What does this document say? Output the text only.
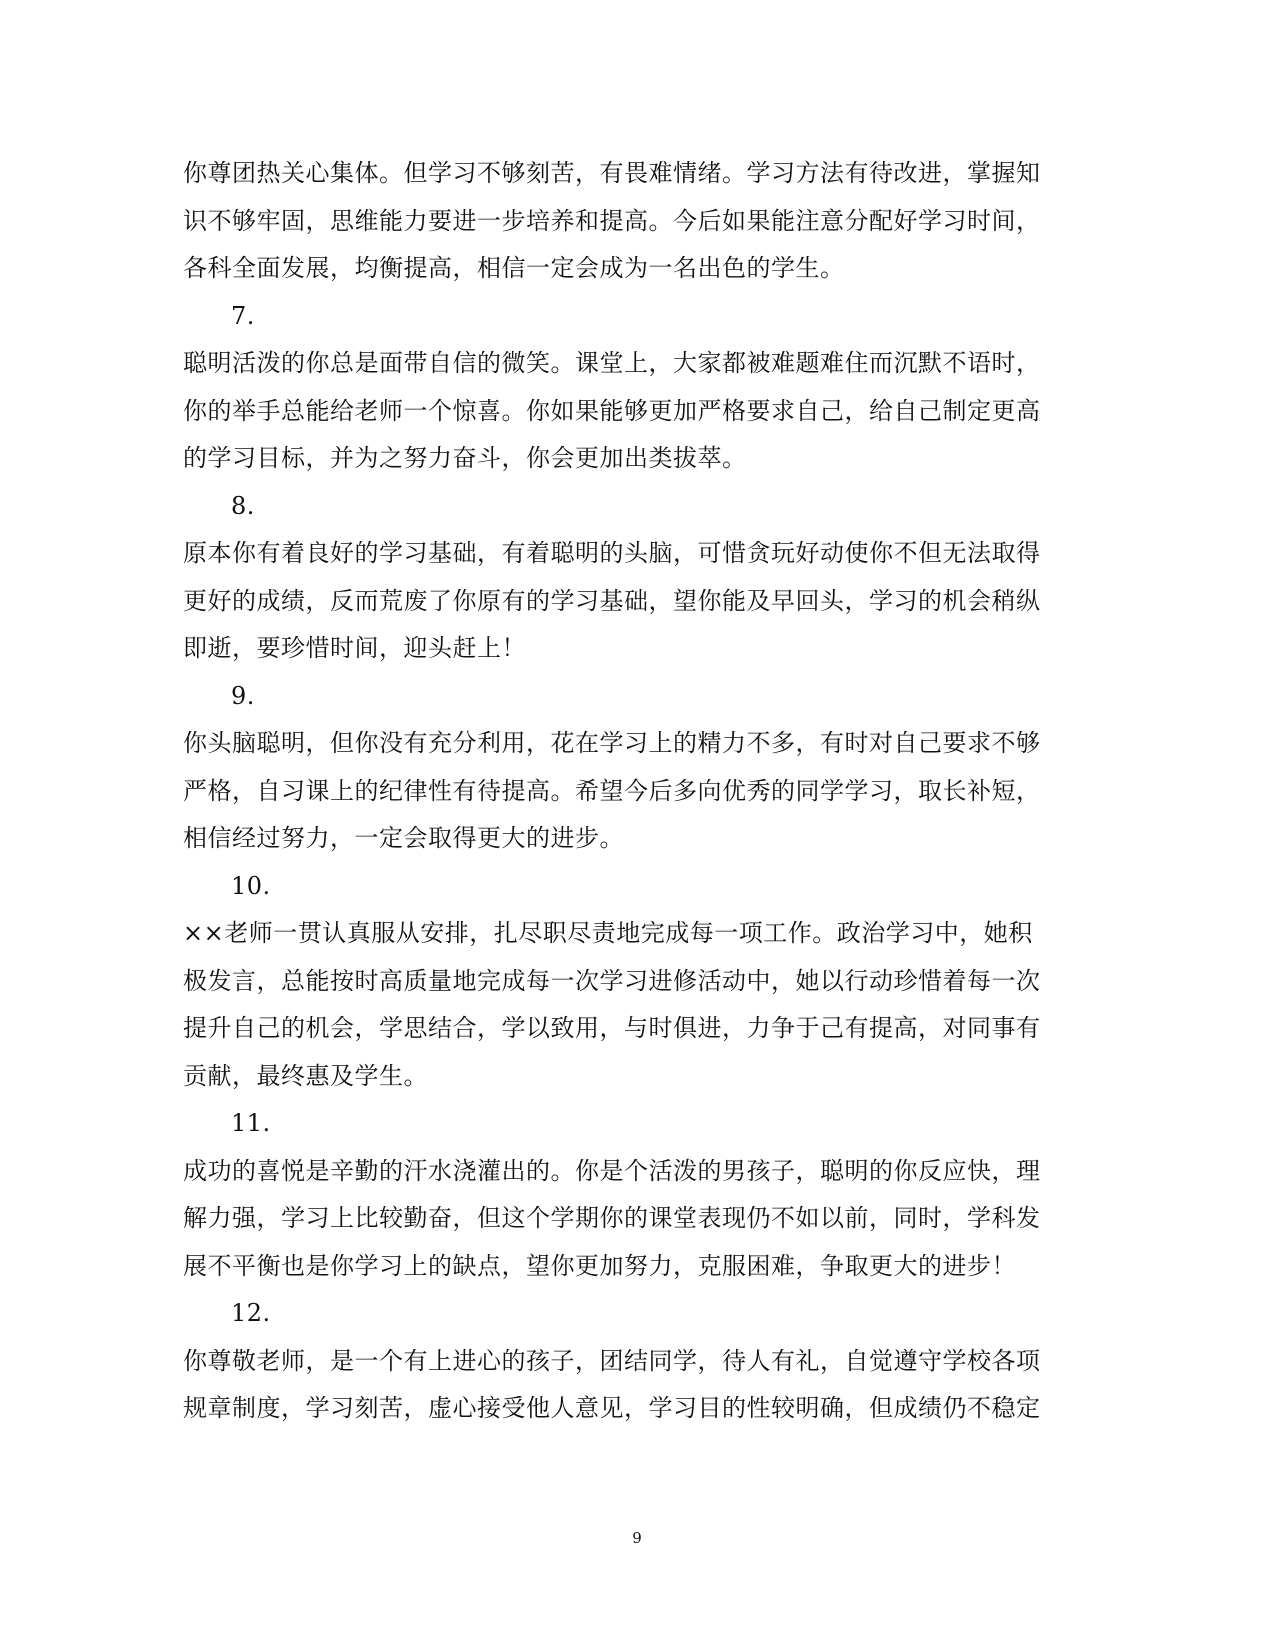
你尊团热关心集体。但学习不够刻苦，有畏难情绪。学习方法有待改进，掌握知
识不够牢固，思维能力要进一步培养和提高。今后如果能注意分配好学习时间，
各科全面发展，均衡提高，相信一定会成为一名出色的学生。
7.
聪明活泼的你总是面带自信的微笑。课堂上，大家都被难题难住而沉默不语时，
你的举手总能给老师一个惊喜。你如果能够更加严格要求自己，给自己制定更高
的学习目标，并为之努力奋斗，你会更加出类拔萃。
8.
原本你有着良好的学习基础，有着聪明的头脑，可惜贪玩好动使你不但无法取得
更好的成绩，反而荒废了你原有的学习基础，望你能及早回头，学习的机会稍纵
即逝，要珍惜时间，迎头赶上！
9.
你头脑聪明，但你没有充分利用，花在学习上的精力不多，有时对自己要求不够
严格，自习课上的纪律性有待提高。希望今后多向优秀的同学学习，取长补短，
相信经过努力，一定会取得更大的进步。
10.
××老师一贯认真服从安排，扎尽职尽责地完成每一项工作。政治学习中，她积
极发言，总能按时高质量地完成每一次学习进修活动中，她以行动珍惜着每一次
提升自己的机会，学思结合，学以致用，与时俱进，力争于己有提高，对同事有
贡献，最终惠及学生。
11.
成功的喜悦是辛勤的汗水浇灌出的。你是个活泼的男孩子，聪明的你反应快，理
解力强，学习上比较勤奋，但这个学期你的课堂表现仍不如以前，同时，学科发
展不平衡也是你学习上的缺点，望你更加努力，克服困难，争取更大的进步！
12.
你尊敬老师，是一个有上进心的孩子，团结同学，待人有礼，自觉遵守学校各项
规章制度，学习刻苦，虚心接受他人意见，学习目的性较明确，但成绩仍不稳定
9
